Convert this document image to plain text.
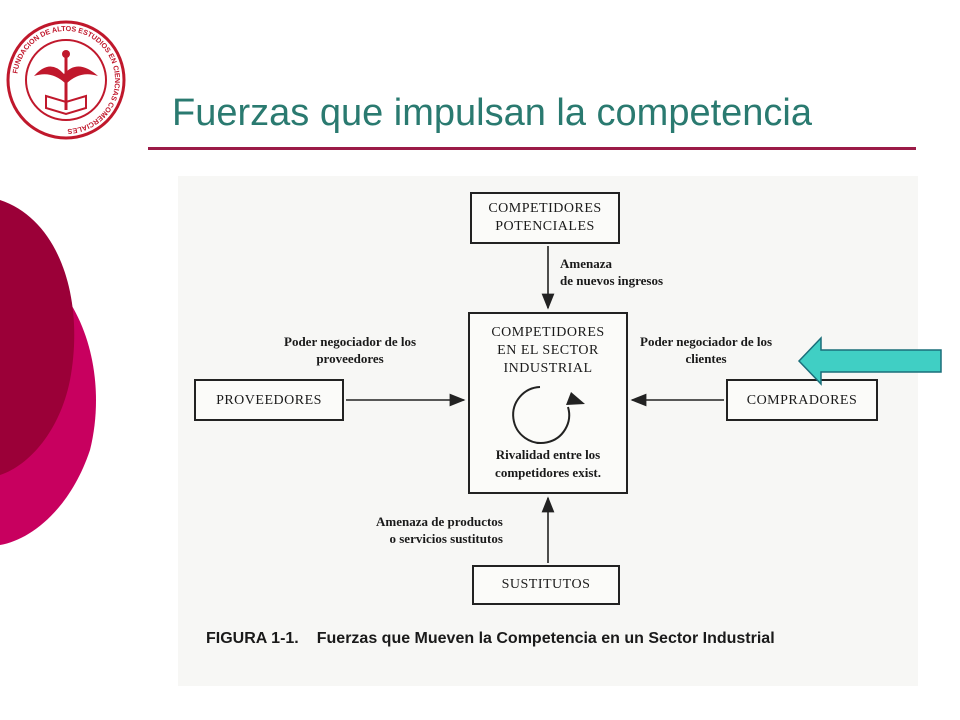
FUNDACION DE ALTOS ESTUDIOS EN CIENCIAS COMERCIALES	Fuerzas que impulsan la competencia
COMPETIDORES
POTENCIALES
COMPETIDORES
EN EL SECTOR
INDUSTRIAL
Rivalidad entre los
competidores exist.
PROVEEDORES	COMPRADORES
SUSTITUTOS
Amenaza
de nuevos ingresos
Poder negociador de los
proveedores
Poder negociador de los
clientes
Amenaza de productos
o servicios sustitutos
FIGURA 1-1. Fuerzas que Mueven la Competencia en un Sector Industrial
